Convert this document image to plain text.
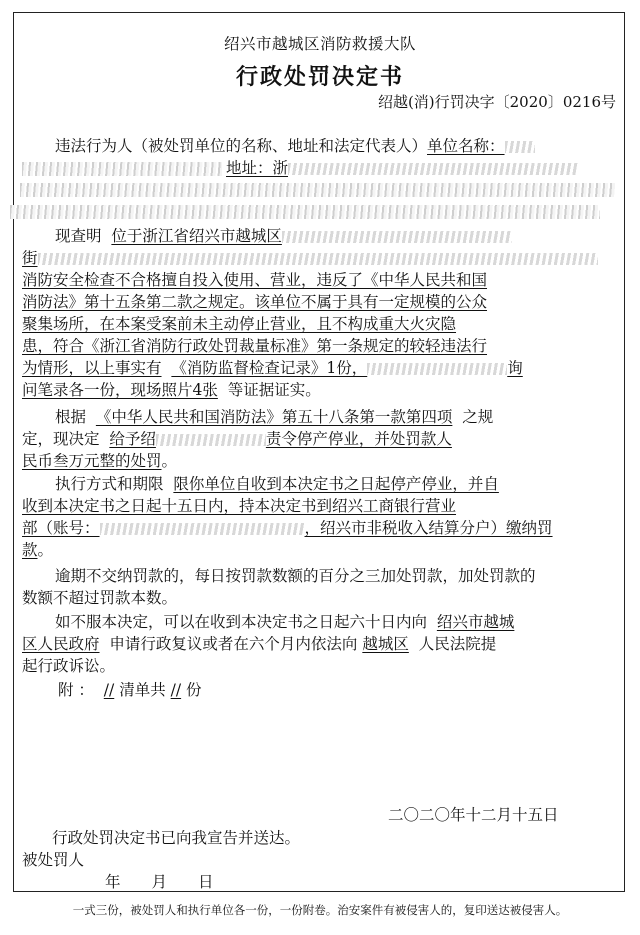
绍兴市越城区消防救援大队
行政处罚决定书
绍越(消)行罚决字〔2020〕0216号
违法行为人（被处罚单位的名称、地址和法定代表人）单位名称：
地址：浙
现查明 位于浙江省绍兴市越城区
街
消防安全检查不合格擅自投入使用、营业，违反了《中华人民共和国
消防法》第十五条第二款之规定。该单位不属于具有一定规模的公众
聚集场所，在本案受案前未主动停止营业，且不构成重大火灾隐
患，符合《浙江省消防行政处罚裁量标准》第一条规定的较轻违法行
为情形，以上事实有 《消防监督检查记录》1份，	询
问笔录各一份，现场照片4张 等证据证实。
根据 《中华人民共和国消防法》第五十八条第一款第四项 之规
定，现决定 给予绍	责令停产停业，并处罚款人
民币叁万元整的处罚。
执行方式和期限 限你单位自收到本决定书之日起停产停业，并自
收到本决定书之日起十五日内，持本决定书到绍兴工商银行营业
部（账号：	，绍兴市非税收入结算分户）缴纳罚
款。
逾期不交纳罚款的，每日按罚款数额的百分之三加处罚款，加处罚款的
数额不超过罚款本数。
如不服本决定，可以在收到本决定书之日起六十日内向 绍兴市越城
区人民政府 申请行政复议或者在六个月内依法向 越城区 人民法院提
起行政诉讼。
附 ： // 清单共 // 份
二〇二〇年十二月十五日
行政处罚决定书已向我宣告并送达。
被处罚人
年　　月　　日
一式三份，被处罚人和执行单位各一份，一份附卷。治安案件有被侵害人的，复印送达被侵害人。
